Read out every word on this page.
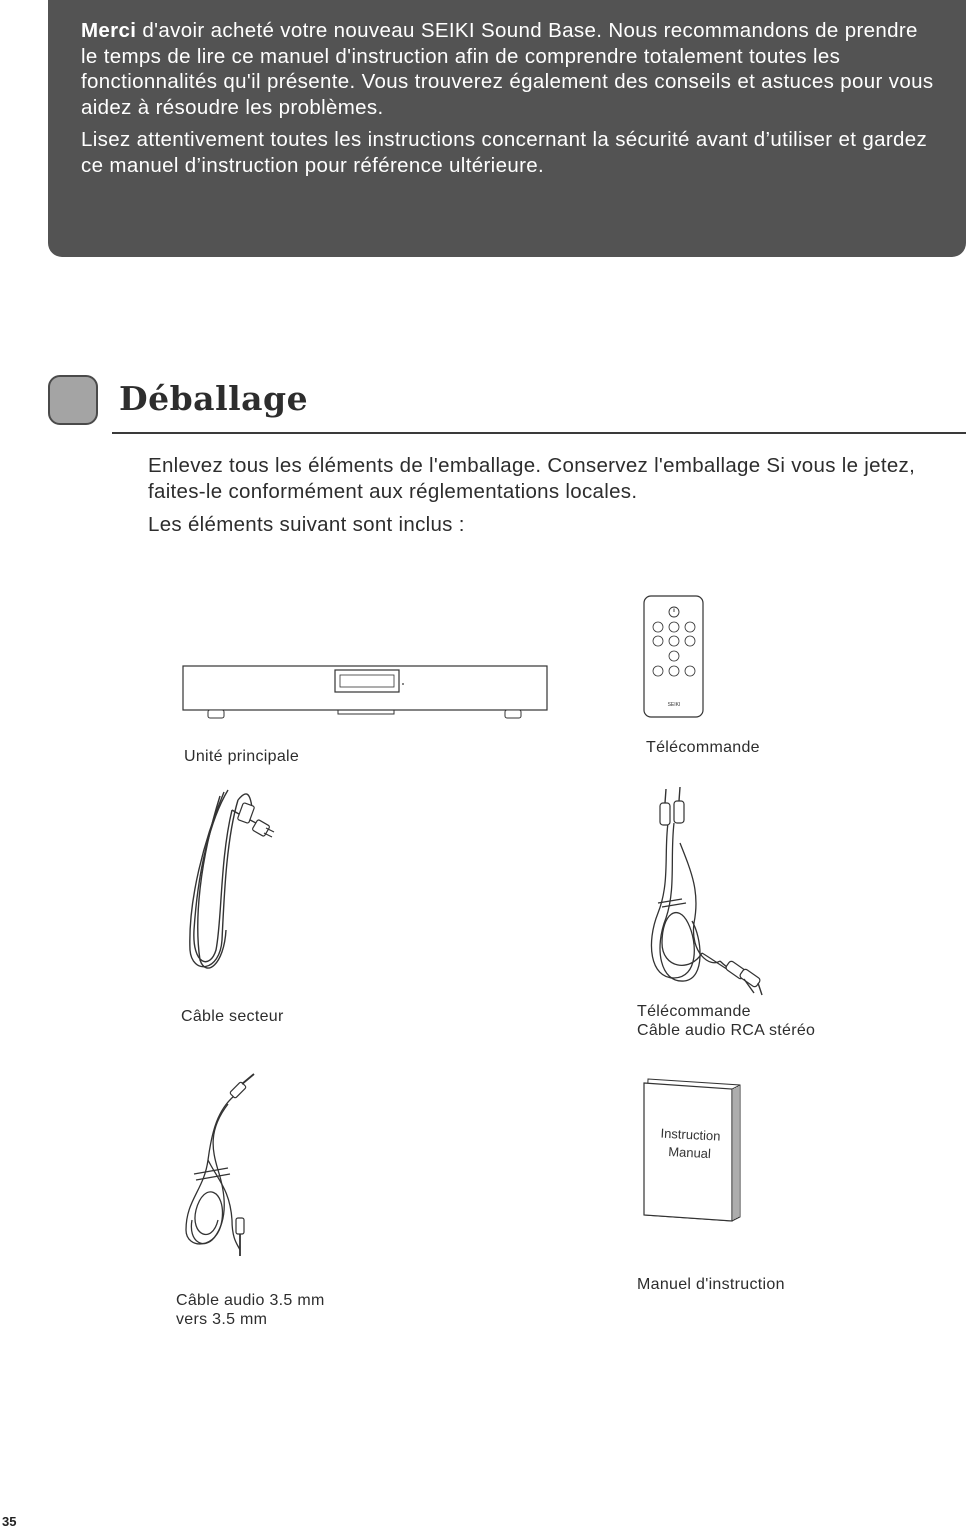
Merci d'avoir acheté votre nouveau SEIKI Sound Base. Nous recommandons de prendre le temps de lire ce manuel d'instruction afin de comprendre totalement toutes les fonctionnalités qu'il présente. Vous trouverez également des conseils et astuces pour vous aidez à résoudre les problèmes.

Lisez attentivement toutes les instructions concernant la sécurité avant d’utiliser et gardez ce manuel d’instruction pour référence ultérieure.

Déballage

Enlevez tous les éléments de l'emballage. Conservez l'emballage Si vous le jetez, faites-le conformément aux réglementations locales.

Les éléments suivant sont inclus :

Unité principale
SEIKI
Télécommande
Câble secteur	Télécommande
Câble audio RCA stéréo
Câble audio 3.5 mm
vers 3.5 mm
Instruction
Manual
Manuel d'instruction
35
